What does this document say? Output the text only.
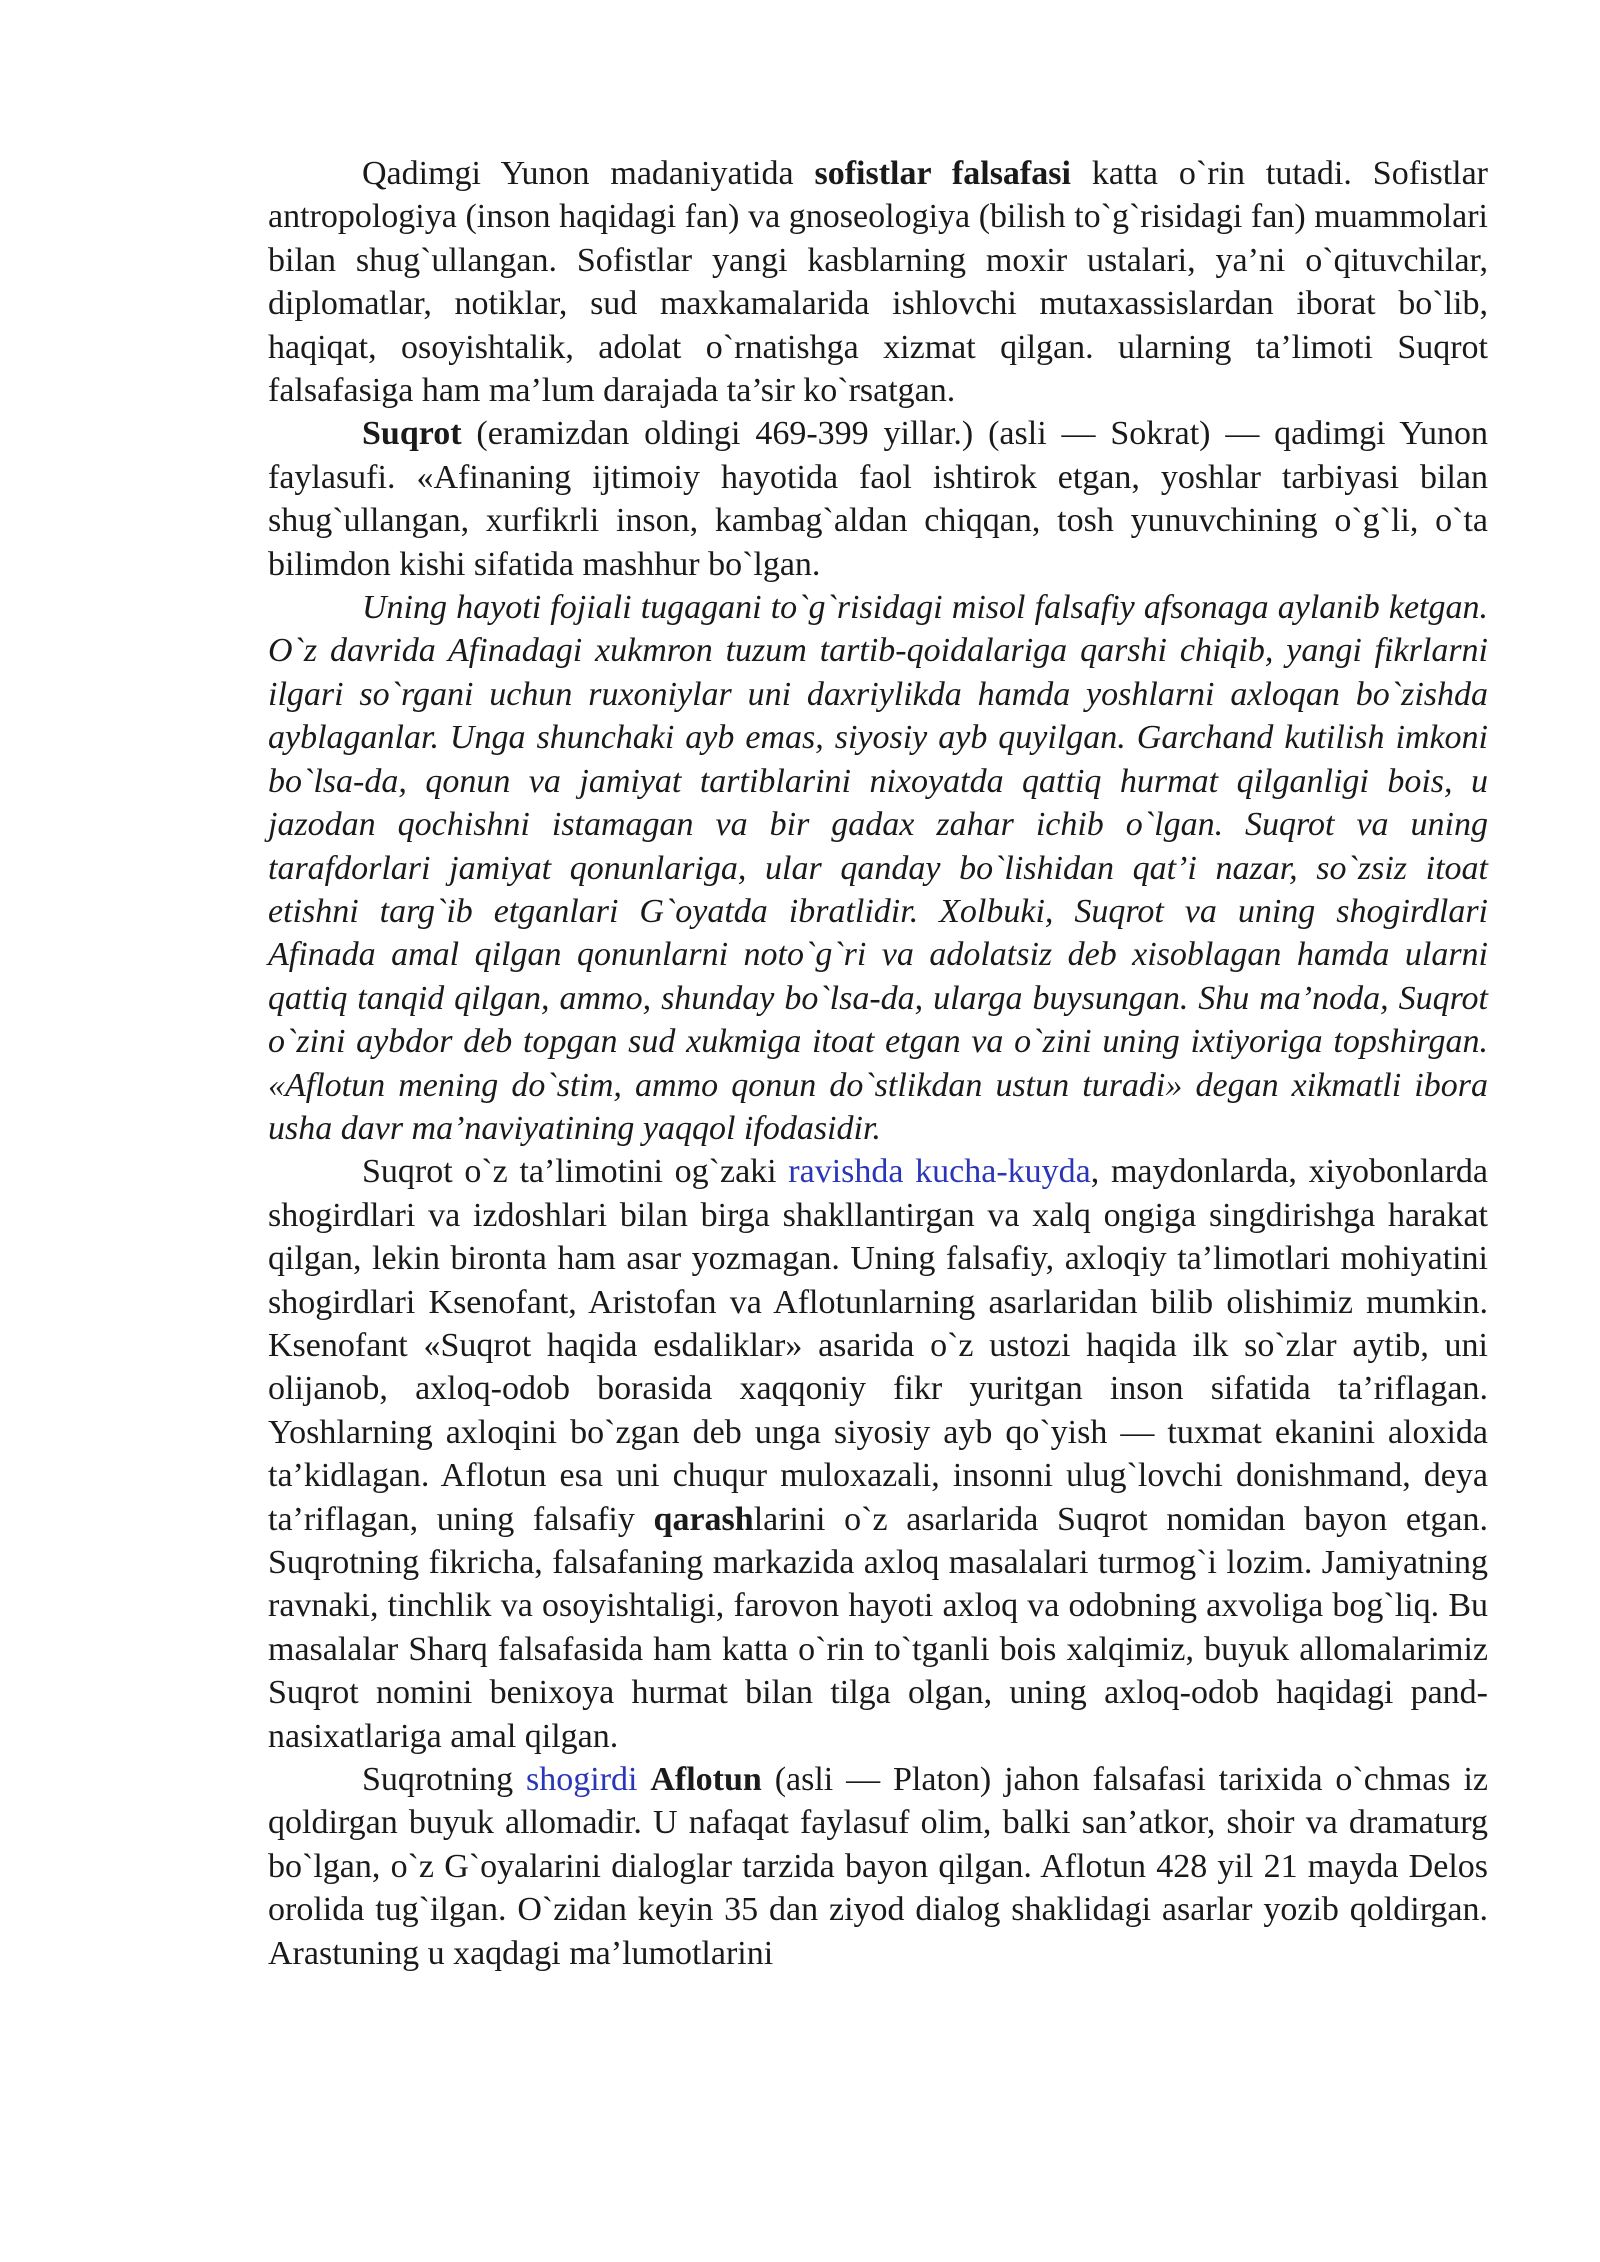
Qadimgi Yunon madaniyatida sofistlar falsafasi katta o`rin tutadi. Sofistlar antropologiya (inson haqidagi fan) va gnoseologiya (bilish to`g`risidagi fan) muammolari bilan shug`ullangan. Sofistlar yangi kasblarning moxir ustalari, ya’ni o`qituvchilar, diplomatlar, notiklar, sud maxkamalarida ishlovchi mutaxassislardan iborat bo`lib, haqiqat, osoyishtalik, adolat o`rnatishga xizmat qilgan. ularning ta’limoti Suqrot falsafasiga ham ma’lum darajada ta’sir ko`rsatgan.

Suqrot (eramizdan oldingi 469-399 yillar.) (asli — Sokrat) — qadimgi Yunon faylasufi. «Afinaning ijtimoiy hayotida faol ishtirok etgan, yoshlar tarbiyasi bilan shug`ullangan, xurfikrli inson, kambag`aldan chiqqan, tosh yunuvchining o`g`li, o`ta bilimdon kishi sifatida mashhur bo`lgan.

Uning hayoti fojiali tugagani to`g`risidagi misol falsafiy afsonaga aylanib ketgan. O`z davrida Afinadagi xukmron tuzum tartib-qoidalariga qarshi chiqib, yangi fikrlarni ilgari so`rgani uchun ruxoniylar uni daxriylikda hamda yoshlarni axloqan bo`zishda ayblaganlar. Unga shunchaki ayb emas, siyosiy ayb quyilgan. Garchand kutilish imkoni bo`lsa-da, qonun va jamiyat tartiblarini nixoyatda qattiq hurmat qilganligi bois, u jazodan qochishni istamagan va bir gadax zahar ichib o`lgan. Suqrot va uning tarafdorlari jamiyat qonunlariga, ular qanday bo`lishidan qat’i nazar, so`zsiz itoat etishni targ`ib etganlari G`oyatda ibratlidir. Xolbuki, Suqrot va uning shogirdlari Afinada amal qilgan qonunlarni noto`g`ri va adolatsiz deb xisoblagan hamda ularni qattiq tanqid qilgan, ammo, shunday bo`lsa-da, ularga buysungan. Shu ma’noda, Suqrot o`zini aybdor deb topgan sud xukmiga itoat etgan va o`zini uning ixtiyoriga topshirgan. «Aflotun mening do`stim, ammo qonun do`stlikdan ustun turadi» degan xikmatli ibora usha davr ma’naviyatining yaqqol ifodasidir.

Suqrot o`z ta’limotini og`zaki ravishda kucha-kuyda, maydonlarda, xiyobonlarda shogirdlari va izdoshlari bilan birga shakllantirgan va xalq ongiga singdirishga harakat qilgan, lekin bironta ham asar yozmagan. Uning falsafiy, axloqiy ta’limotlari mohiyatini shogirdlari Ksenofant, Aristofan va Aflotunlarning asarlaridan bilib olishimiz mumkin. Ksenofant «Suqrot haqida esdaliklar» asarida o`z ustozi haqida ilk so`zlar aytib, uni olijanob, axloq-odob borasida xaqqoniy fikr yuritgan inson sifatida ta’riflagan. Yoshlarning axloqini bo`zgan deb unga siyosiy ayb qo`yish — tuxmat ekanini aloxida ta’kidlagan. Aflotun esa uni chuqur muloxazali, insonni ulug`lovchi donishmand, deya ta’riflagan, uning falsafiy qarashlarini o`z asarlarida Suqrot nomidan bayon etgan. Suqrotning fikricha, falsafaning markazida axloq masalalari turmog`i lozim. Jamiyatning ravnaki, tinchlik va osoyishtaligi, farovon hayoti axloq va odobning axvoliga bog`liq. Bu masalalar Sharq falsafasida ham katta o`rin to`tganli bois xalqimiz, buyuk allomalarimiz Suqrot nomini benixoya hurmat bilan tilga olgan, uning axloq-odob haqidagi pand-nasixatlariga amal qilgan.

Suqrotning shogirdi Aflotun (asli — Platon) jahon falsafasi tarixida o`chmas iz qoldirgan buyuk allomadir. U nafaqat faylasuf olim, balki san’atkor, shoir va dramaturg bo`lgan, o`z G`oyalarini dialoglar tarzida bayon qilgan. Aflotun 428 yil 21 mayda Delos orolida tug`ilgan. O`zidan keyin 35 dan ziyod dialog shaklidagi asarlar yozib qoldirgan. Arastuning u xaqdagi ma’lumotlarini
